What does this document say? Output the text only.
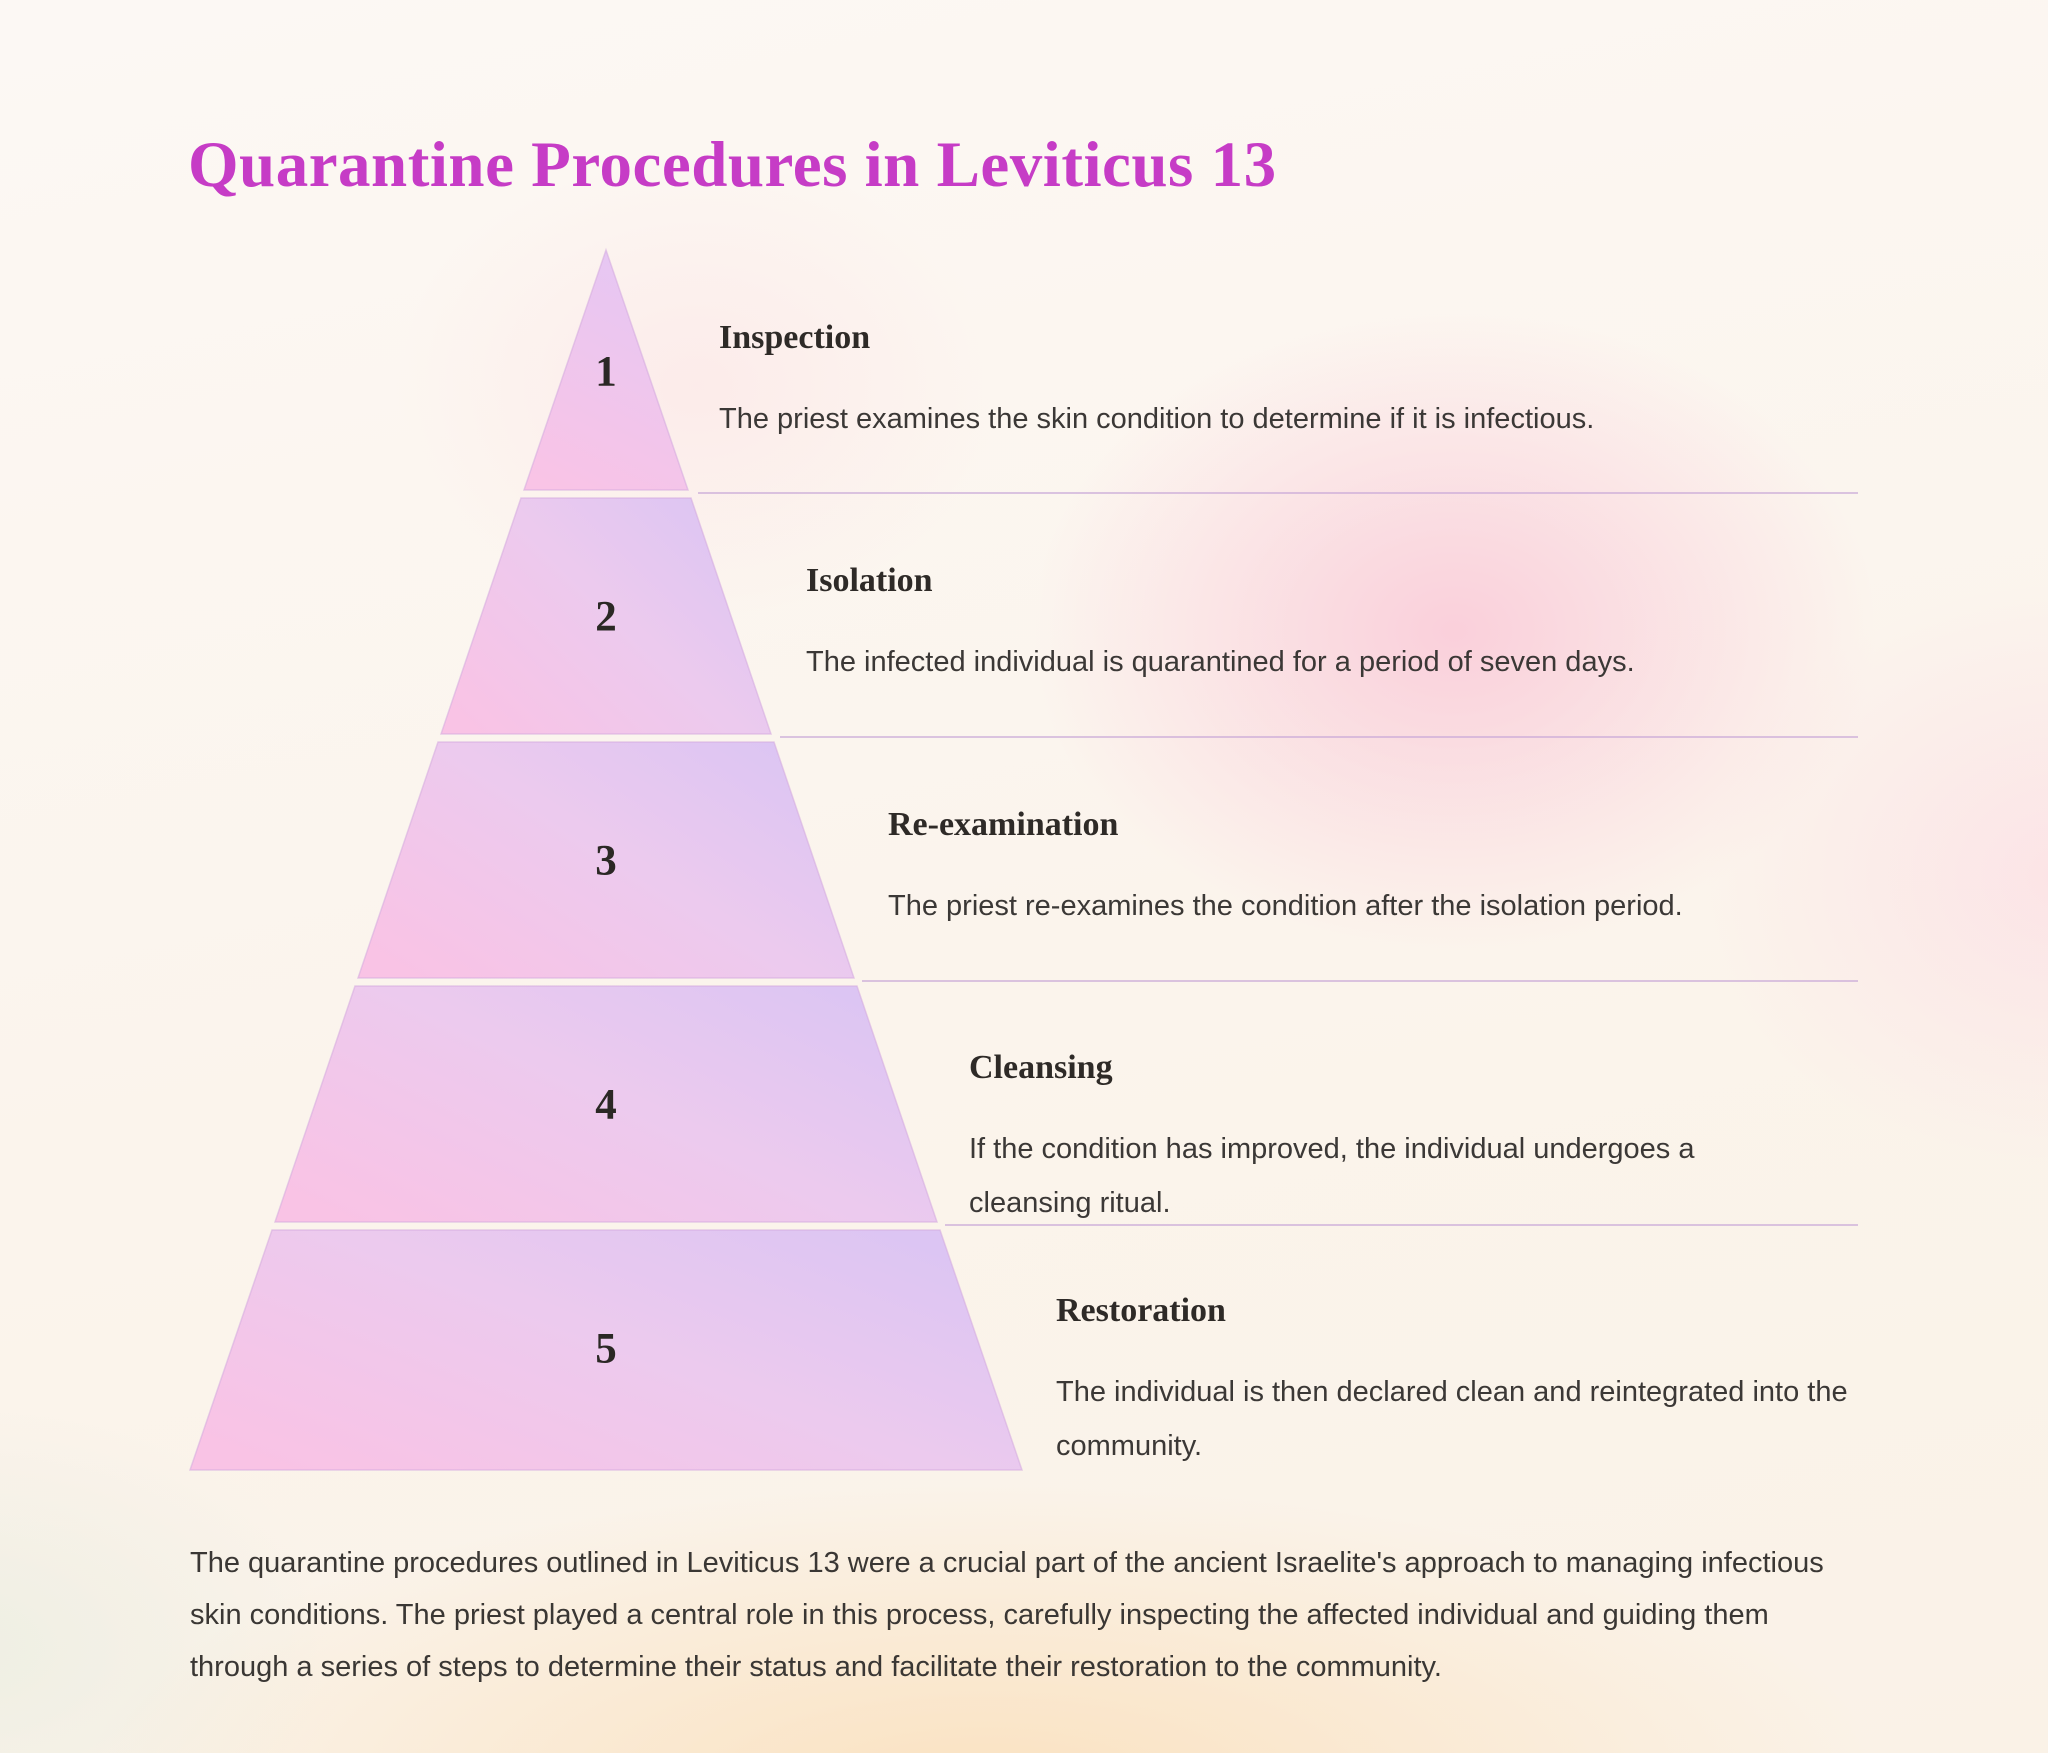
Quarantine Procedures in Leviticus 13
1
2
3
4
5
Inspection

The priest examines the skin condition to determine if it is infectious.

Isolation

The infected individual is quarantined for a period of seven days.

Re-examination

The priest re-examines the condition after the isolation period.

Cleansing

If the condition has improved, the individual undergoes a cleansing ritual.

Restoration

The individual is then declared clean and reintegrated into the community.

The quarantine procedures outlined in Leviticus 13 were a crucial part of the ancient Israelite's approach to managing infectious skin conditions. The priest played a central role in this process, carefully inspecting the affected individual and guiding them through a series of steps to determine their status and facilitate their restoration to the community.
